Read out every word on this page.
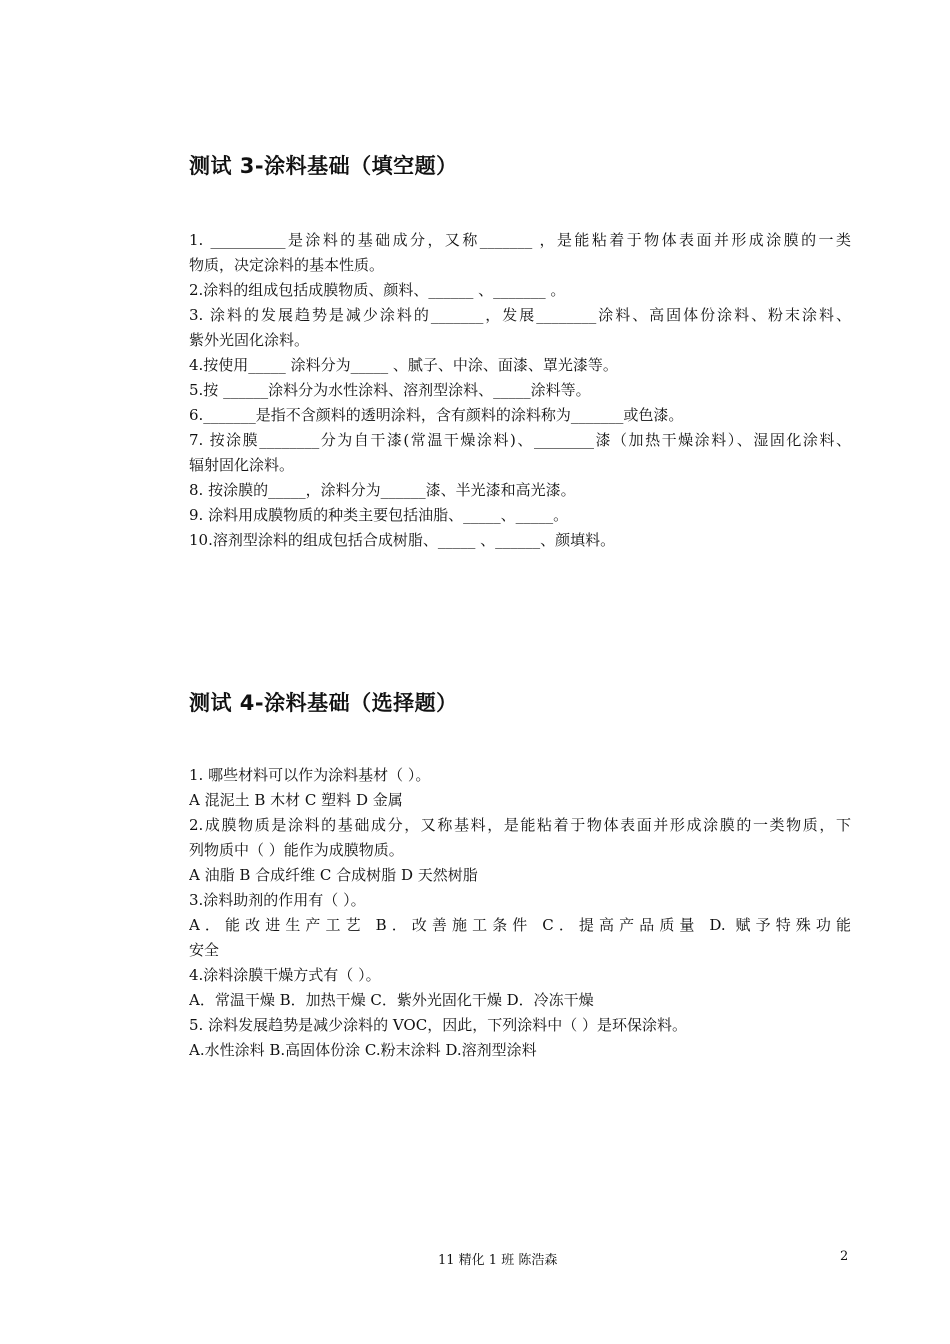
测试 3-涂料基础（填空题）
1. __________是涂料的基础成分，又称_______ ，是能粘着于物体表面并形成涂膜的一类
物质，决定涂料的基本性质。
2.涂料的组成包括成膜物质、颜料、______ 、_______ 。
3. 涂料的发展趋势是减少涂料的_______，发展________涂料、高固体份涂料、粉末涂料、
紫外光固化涂料。
4.按使用_____ 涂料分为_____ 、腻子、中涂、面漆、罩光漆等。
5.按 ______涂料分为水性涂料、溶剂型涂料、_____涂料等。
6._______是指不含颜料的透明涂料，含有颜料的涂料称为_______或色漆。
7. 按涂膜________分为自干漆(常温干燥涂料)、________漆（加热干燥涂料）、湿固化涂料、
辐射固化涂料。
8. 按涂膜的_____，涂料分为______漆、半光漆和高光漆。
9. 涂料用成膜物质的种类主要包括油脂、_____、_____。
10.溶剂型涂料的组成包括合成树脂、_____ 、______、颜填料。
测试 4-涂料基础（选择题）
1. 哪些材料可以作为涂料基材（ ）。
A 混泥土 B 木材 C 塑料 D 金属
2.成膜物质是涂料的基础成分，又称基料，是能粘着于物体表面并形成涂膜的一类物质，下
列物质中（ ）能作为成膜物质。
A 油脂 B 合成纤维 C 合成树脂 D 天然树脂
3.涂料助剂的作用有（ ）。
A．能改进生产工艺 B．改善施工条件 C．提高产品质量 D. 赋予特殊功能
安全
4.涂料涂膜干燥方式有（ ）。
A．常温干燥 B．加热干燥 C．紫外光固化干燥 D．冷冻干燥
5. 涂料发展趋势是减少涂料的 VOC，因此，下列涂料中（ ）是环保涂料。
A.水性涂料 B.高固体份涂 C.粉末涂料 D.溶剂型涂料
11 精化 1 班 陈浩森	2
